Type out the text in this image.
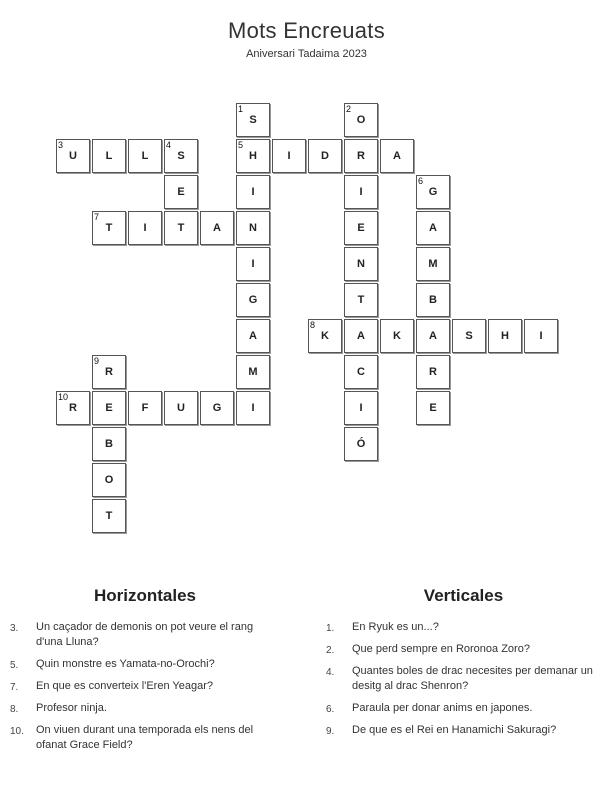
Mots Encreuats
Aniversari Tadaima 2023
1
S
2
O
3
U	L	L
4
S
5
H	I	D	R	A
E	I	I
6
G
7
T	I	T	A	N	E	A
I	N	M
G	T	B
A
8
K	A	K	A	S	H	I
9
R	M	C	R
10
R	E	F	U	G	I	I	E
B	Ó
O
T
Horizontales
3. Un caçador de demonis on pot veure el rang d'una Lluna?
5. Quin monstre es Yamata-no-Orochi?
7. En que es converteix l'Eren Yeagar?
8. Profesor ninja.
10. On viuen durant una temporada els nens del ofanat Grace Field?
Verticales
1. En Ryuk es un...?
2. Que perd sempre en Roronoa Zoro?
4. Quantes boles de drac necesites per demanar un desitg al drac Shenron?
6. Paraula per donar anims en japones.
9. De que es el Rei en Hanamichi Sakuragi?
